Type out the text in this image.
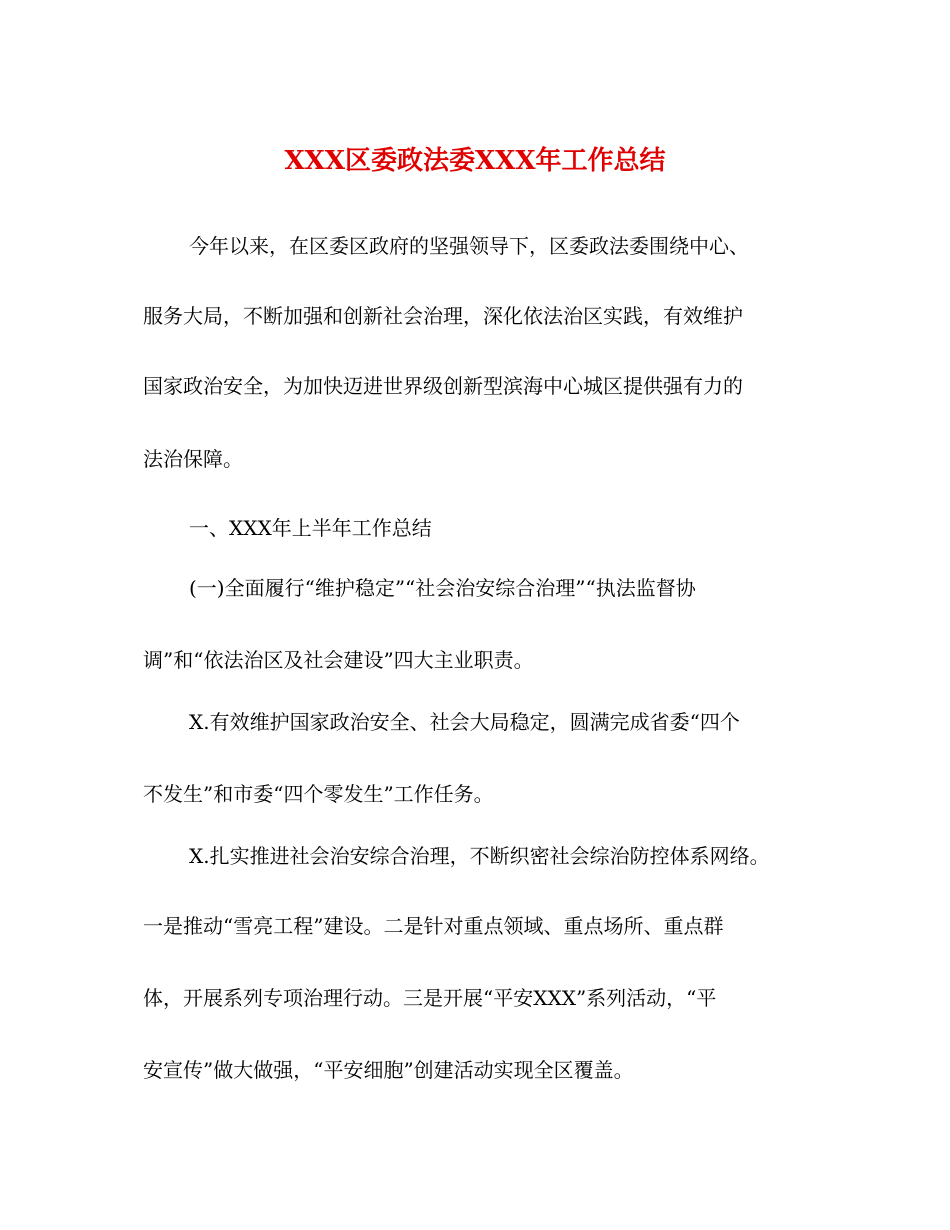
XXX区委政法委XXX年工作总结
今年以来，在区委区政府的坚强领导下，区委政法委围绕中心、
服务大局，不断加强和创新社会治理，深化依法治区实践，有效维护
国家政治安全，为加快迈进世界级创新型滨海中心城区提供强有力的
法治保障。
一、XXX年上半年工作总结
(一)全面履行“维护稳定”“社会治安综合治理”“执法监督协
调”和“依法治区及社会建设”四大主业职责。
X.有效维护国家政治安全、社会大局稳定，圆满完成省委“四个
不发生”和市委“四个零发生”工作任务。
X.扎实推进社会治安综合治理，不断织密社会综治防控体系网络。
一是推动“雪亮工程”建设。二是针对重点领域、重点场所、重点群
体，开展系列专项治理行动。三是开展“平安XXX”系列活动，“平
安宣传”做大做强，“平安细胞”创建活动实现全区覆盖。
